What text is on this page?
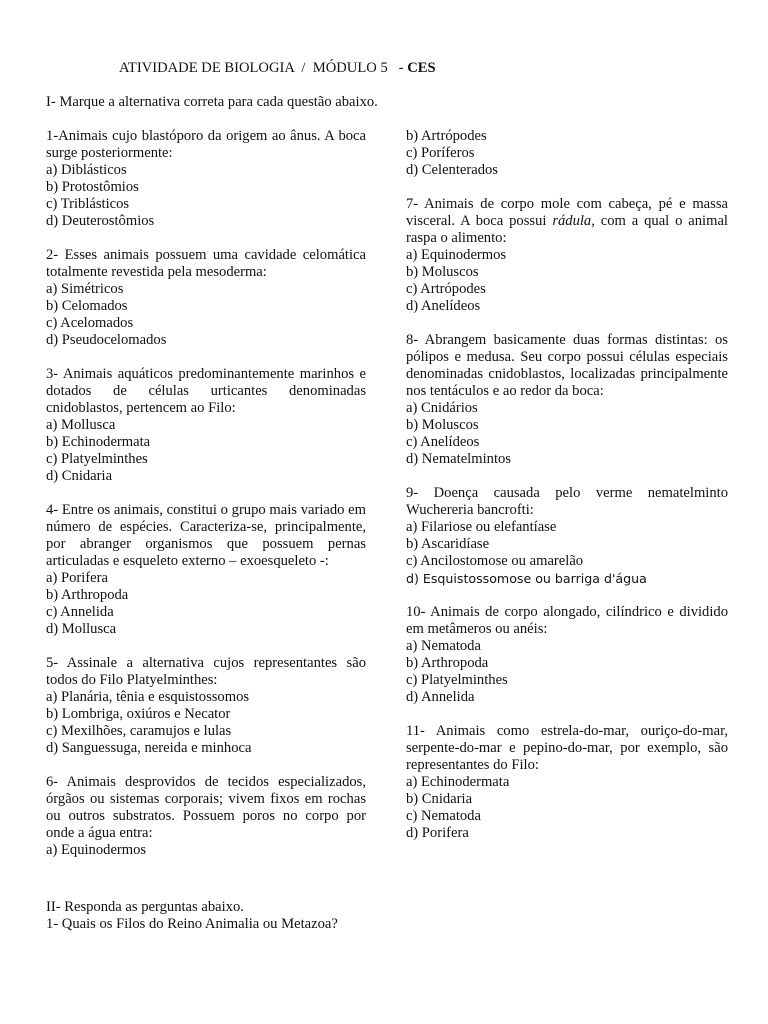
ATIVIDADE DE BIOLOGIA  /  MÓDULO 5   - CES
I- Marque a alternativa correta para cada questão abaixo.

1-Animais cujo blastóporo da origem ao ânus. A boca surge posteriormente:

a) Diblásticos
b) Protostômios
c) Triblásticos
d) Deuterostômios

2- Esses animais possuem uma cavidade celomática totalmente revestida pela mesoderma:

a) Simétricos
b) Celomados
c) Acelomados
d) Pseudocelomados

3- Animais aquáticos predominantemente marinhos e dotados de células urticantes denominadas cnidoblastos, pertencem ao Filo:

a) Mollusca
b) Echinodermata
c) Platyelminthes
d) Cnidaria

4- Entre os animais, constitui o grupo mais variado em número de espécies. Caracteriza-se, principalmente, por abranger organismos que possuem pernas articuladas e esqueleto externo – exoesqueleto -:

a) Porifera
b) Arthropoda
c) Annelida
d) Mollusca

5- Assinale a alternativa cujos representantes são todos do Filo Platyelminthes:

a) Planária, tênia e esquistossomos
b) Lombriga, oxiúros e Necator
c) Mexilhões, caramujos e lulas
d) Sanguessuga, nereida e minhoca

6- Animais desprovidos de tecidos especializados, órgãos ou sistemas corporais; vivem fixos em rochas ou outros substratos. Possuem poros no corpo por onde a água entra:

a) Equinodermos
b) Artrópodes
c) Poríferos
d) Celenterados

7- Animais de corpo mole com cabeça, pé e massa visceral. A boca possui rádula, com a qual o animal raspa o alimento:

a) Equinodermos
b) Moluscos
c) Artrópodes
d) Anelídeos

8- Abrangem basicamente duas formas distintas: os pólipos e medusa. Seu corpo possui células especiais denominadas cnidoblastos, localizadas principalmente nos tentáculos e ao redor da boca:

a) Cnidários
b) Moluscos
c) Anelídeos
d) Nematelmintos

9- Doença causada pelo verme nematelminto Wuchereria bancrofti:

a) Filariose ou elefantíase
b) Ascaridíase
c) Ancilostomose ou amarelão
d) Esquistossomose ou barriga d'água

10- Animais de corpo alongado, cilíndrico e dividido em metâmeros ou anéis:

a) Nematoda
b) Arthropoda
c) Platyelminthes
d) Annelida

11- Animais como estrela-do-mar, ouriço-do-mar, serpente-do-mar e pepino-do-mar, por exemplo, são representantes do Filo:

a) Echinodermata
b) Cnidaria
c) Nematoda
d) Porifera
II- Responda as perguntas abaixo.
1- Quais os Filos do Reino Animalia ou Metazoa?
